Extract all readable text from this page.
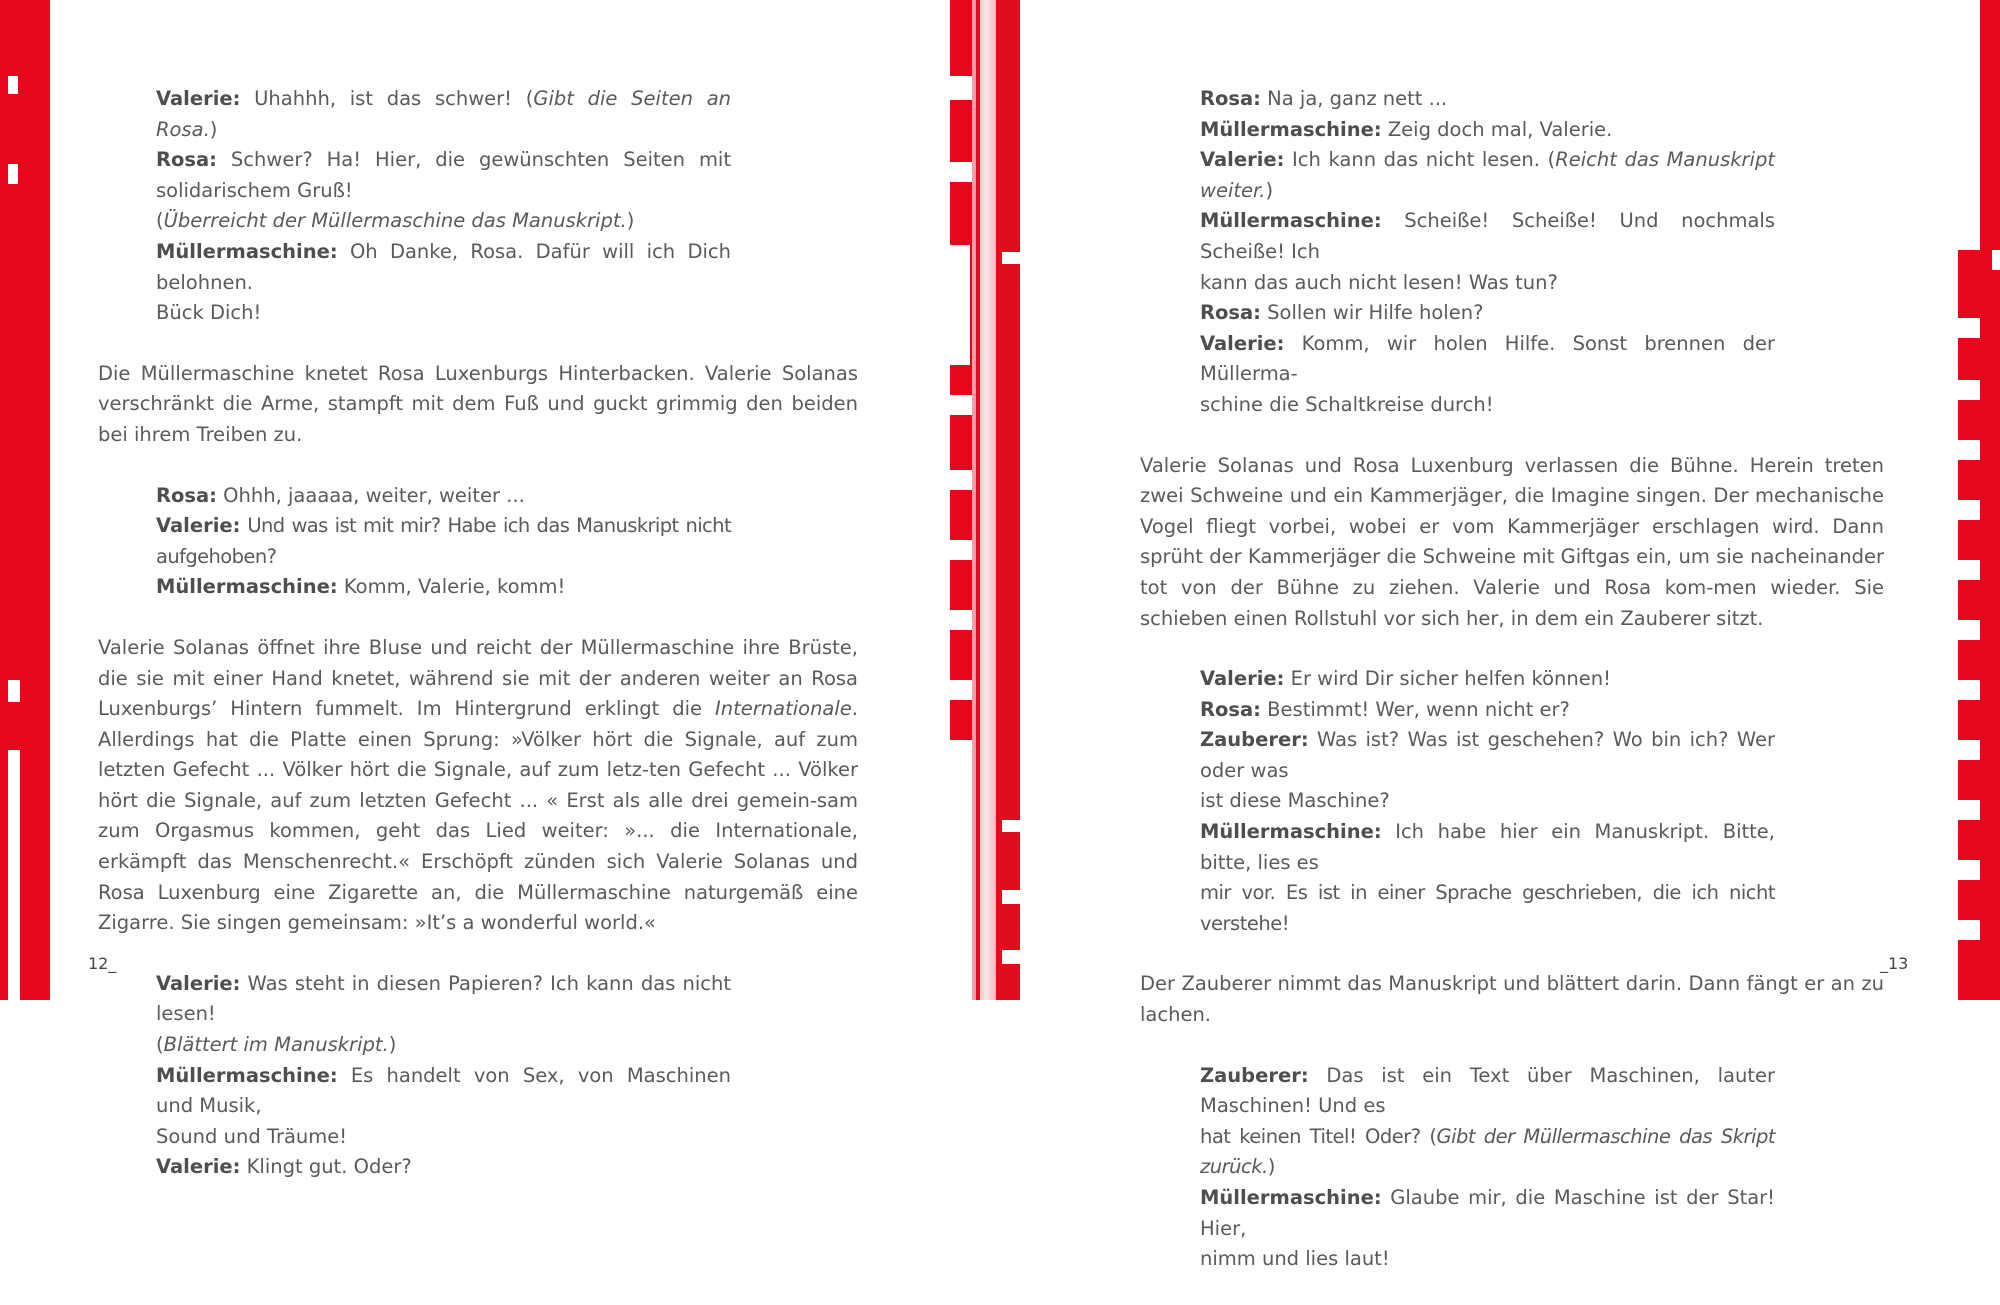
Valerie: Uhahhh, ist das schwer! (Gibt die Seiten an Rosa.)
Rosa: Schwer? Ha! Hier, die gewünschten Seiten mit solidarischem Gruß!
(Überreicht der Müllermaschine das Manuskript.)
Müllermaschine: Oh Danke, Rosa. Dafür will ich Dich belohnen.
Bück Dich!

Die Müllermaschine knetet Rosa Luxenburgs Hinterbacken. Valerie Solanas verschränkt die Arme, stampft mit dem Fuß und guckt grimmig den beiden bei ihrem Treiben zu.

Rosa: Ohhh, jaaaaa, weiter, weiter ...
Valerie: Und was ist mit mir? Habe ich das Manuskript nicht aufgehoben?
Müllermaschine: Komm, Valerie, komm!

Valerie Solanas öffnet ihre Bluse und reicht der Müllermaschine ihre Brüste, die sie mit einer Hand knetet, während sie mit der anderen weiter an Rosa Luxenburgs’ Hintern fummelt. Im Hintergrund erklingt die Internationale. Allerdings hat die Platte einen Sprung: »Völker hört die Signale, auf zum letzten Gefecht ... Völker hört die Signale, auf zum letz-ten Gefecht ... Völker hört die Signale, auf zum letzten Gefecht ... « Erst als alle drei gemein-sam zum Orgasmus kommen, geht das Lied weiter: »... die Internationale, erkämpft das Menschenrecht.« Erschöpft zünden sich Valerie Solanas und Rosa Luxenburg eine Zigarette an, die Müllermaschine naturgemäß eine Zigarre. Sie singen gemeinsam: »It’s a wonderful world.«

Valerie: Was steht in diesen Papieren? Ich kann das nicht lesen!
(Blättert im Manuskript.)
Müllermaschine: Es handelt von Sex, von Maschinen und Musik,
Sound und Träume!
Valerie: Klingt gut. Oder?
12_
Rosa: Na ja, ganz nett ...
Müllermaschine: Zeig doch mal, Valerie.
Valerie: Ich kann das nicht lesen. (Reicht das Manuskript weiter.)
Müllermaschine: Scheiße! Scheiße! Und nochmals Scheiße! Ich
kann das auch nicht lesen! Was tun?
Rosa: Sollen wir Hilfe holen?
Valerie: Komm, wir holen Hilfe. Sonst brennen der Müllerma-
schine die Schaltkreise durch!

Valerie Solanas und Rosa Luxenburg verlassen die Bühne. Herein treten zwei Schweine und ein Kammerjäger, die Imagine singen. Der mechanische Vogel fliegt vorbei, wobei er vom Kammerjäger erschlagen wird. Dann sprüht der Kammerjäger die Schweine mit Giftgas ein, um sie nacheinander tot von der Bühne zu ziehen. Valerie und Rosa kom-men wieder. Sie schieben einen Rollstuhl vor sich her, in dem ein Zauberer sitzt.

Valerie: Er wird Dir sicher helfen können!
Rosa: Bestimmt! Wer, wenn nicht er?
Zauberer: Was ist? Was ist geschehen? Wo bin ich? Wer oder was
ist diese Maschine?
Müllermaschine: Ich habe hier ein Manuskript. Bitte, bitte, lies es
mir vor. Es ist in einer Sprache geschrieben, die ich nicht verstehe!

Der Zauberer nimmt das Manuskript und blättert darin. Dann fängt er an zu lachen.

Zauberer: Das ist ein Text über Maschinen, lauter Maschinen! Und es
hat keinen Titel! Oder? (Gibt der Müllermaschine das Skript zurück.)
Müllermaschine: Glaube mir, die Maschine ist der Star! Hier,
nimm und lies laut!
_13
